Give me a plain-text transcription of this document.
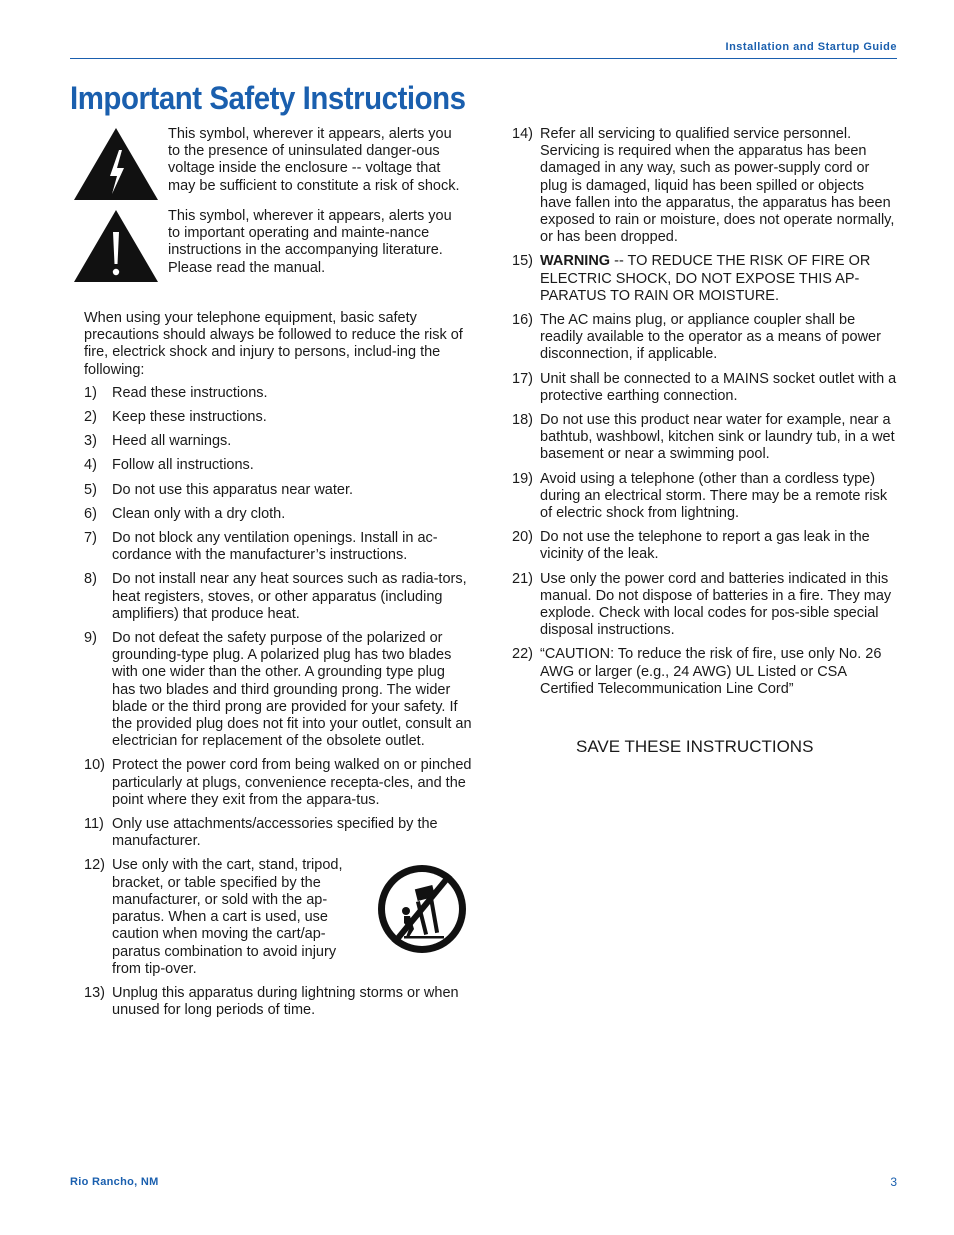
Installation and Startup Guide
Important Safety Instructions

This symbol, wherever it appears, alerts you to the presence of uninsulated danger-ous voltage inside the enclosure -- voltage that may be sufficient to constitute a risk of shock.

This symbol, wherever it appears, alerts you to important operating and mainte-nance instructions in the accompanying literature. Please read the manual.

When using your telephone equipment, basic safety precautions should always be followed to reduce the risk of fire, electrick shock and injury to persons, includ-ing the following:

1)	Read these instructions.
2)	Keep these instructions.
3)	Heed all warnings.
4)	Follow all instructions.
5)	Do not use this apparatus near water.
6)	Clean only with a dry cloth.
7)	Do not block any ventilation openings. Install in ac-cordance with the manufacturer’s instructions.
8)	Do not install near any heat sources such as radia-tors, heat registers, stoves, or other apparatus (including amplifiers) that produce heat.
9)	Do not defeat the safety purpose of the polarized or grounding-type plug. A polarized plug has two blades with one wider than the other. A grounding type plug has two blades and third grounding prong. The wider blade or the third prong are provided for your safety. If the provided plug does not fit into your outlet, consult an electrician for replacement of the obsolete outlet.
10) Protect the power cord from being walked on or pinched particularly at plugs, convenience recepta-cles, and the point where they exit from the appara-tus.
11) Only use attachments/accessories specified by the manufacturer.
12) Use only with the cart, stand, tripod, bracket, or table specified by the manufacturer, or sold with the ap-paratus. When a cart is used, use caution when moving the cart/ap-paratus combination to avoid injury from tip-over.
13) Unplug this apparatus during lightning storms or when unused for long periods of time.
14) Refer all servicing to qualified service personnel. Servicing is required when the apparatus has been damaged in any way, such as power-supply cord or plug is damaged, liquid has been spilled or objects have fallen into the apparatus, the apparatus has been exposed to rain or moisture, does not operate normally, or has been dropped.
15) WARNING -- TO REDUCE THE RISK OF FIRE OR ELECTRIC SHOCK, DO NOT EXPOSE THIS AP-PARATUS TO RAIN OR MOISTURE.
16) The AC mains plug, or appliance coupler shall be readily available to the operator as a means of power disconnection, if applicable.
17) Unit shall be connected to a MAINS socket outlet with a protective earthing connection.
18) Do not use this product near water for example, near a bathtub, washbowl, kitchen sink or laundry tub, in a wet basement or near a swimming pool.
19) Avoid using a telephone (other than a cordless type) during an electrical storm. There may be a remote risk of electric shock from lightning.
20) Do not use the telephone to report a gas leak in the vicinity of the leak.
21) Use only the power cord and batteries indicated in this manual. Do not dispose of batteries in a fire. They may explode. Check with local codes for pos-sible special disposal instructions.
22) “CAUTION: To reduce the risk of fire, use only No. 26 AWG or larger (e.g., 24 AWG) UL Listed or CSA Certified Telecommunication Line Cord”

SAVE THESE INSTRUCTIONS

Rio Rancho, NM	3
